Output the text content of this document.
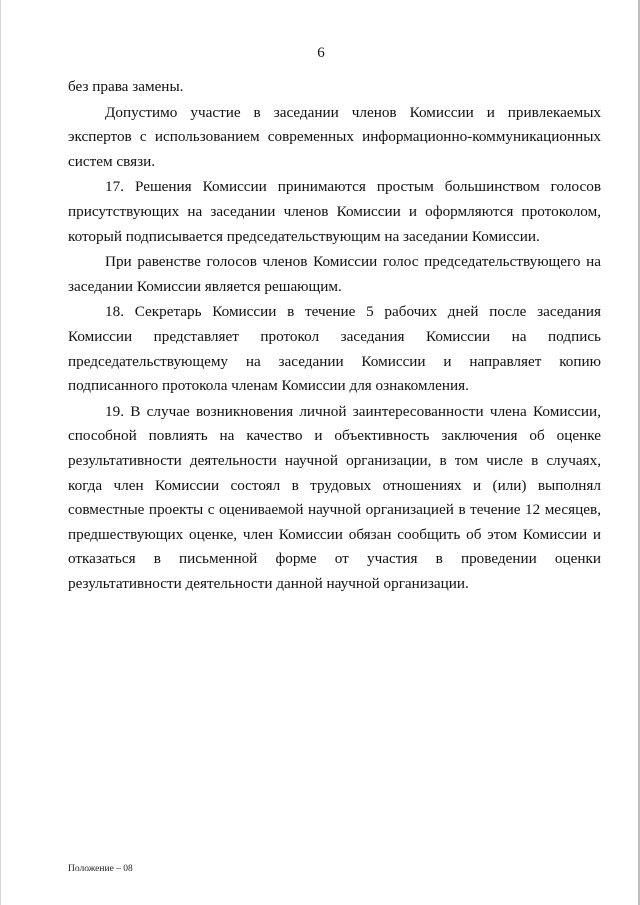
6

без права замены.

Допустимо участие в заседании членов Комиссии и привлекаемых экспертов с использованием современных информационно-коммуникационных систем связи.

17. Решения Комиссии принимаются простым большинством голосов присутствующих на заседании членов Комиссии и оформляются протоколом, который подписывается председательствующим на заседании Комиссии.

При равенстве голосов членов Комиссии голос председательствующего на заседании Комиссии является решающим.

18. Секретарь Комиссии в течение 5 рабочих дней после заседания Комиссии представляет протокол заседания Комиссии на подпись председательствующему на заседании Комиссии и направляет копию подписанного протокола членам Комиссии для ознакомления.

19. В случае возникновения личной заинтересованности члена Комиссии, способной повлиять на качество и объективность заключения об оценке результативности деятельности научной организации, в том числе в случаях, когда член Комиссии состоял в трудовых отношениях и (или) выполнял совместные проекты с оцениваемой научной организацией в течение 12 месяцев, предшествующих оценке, член Комиссии обязан сообщить об этом Комиссии и отказаться в письменной форме от участия в проведении оценки результативности деятельности данной научной организации.

Положение – 08
